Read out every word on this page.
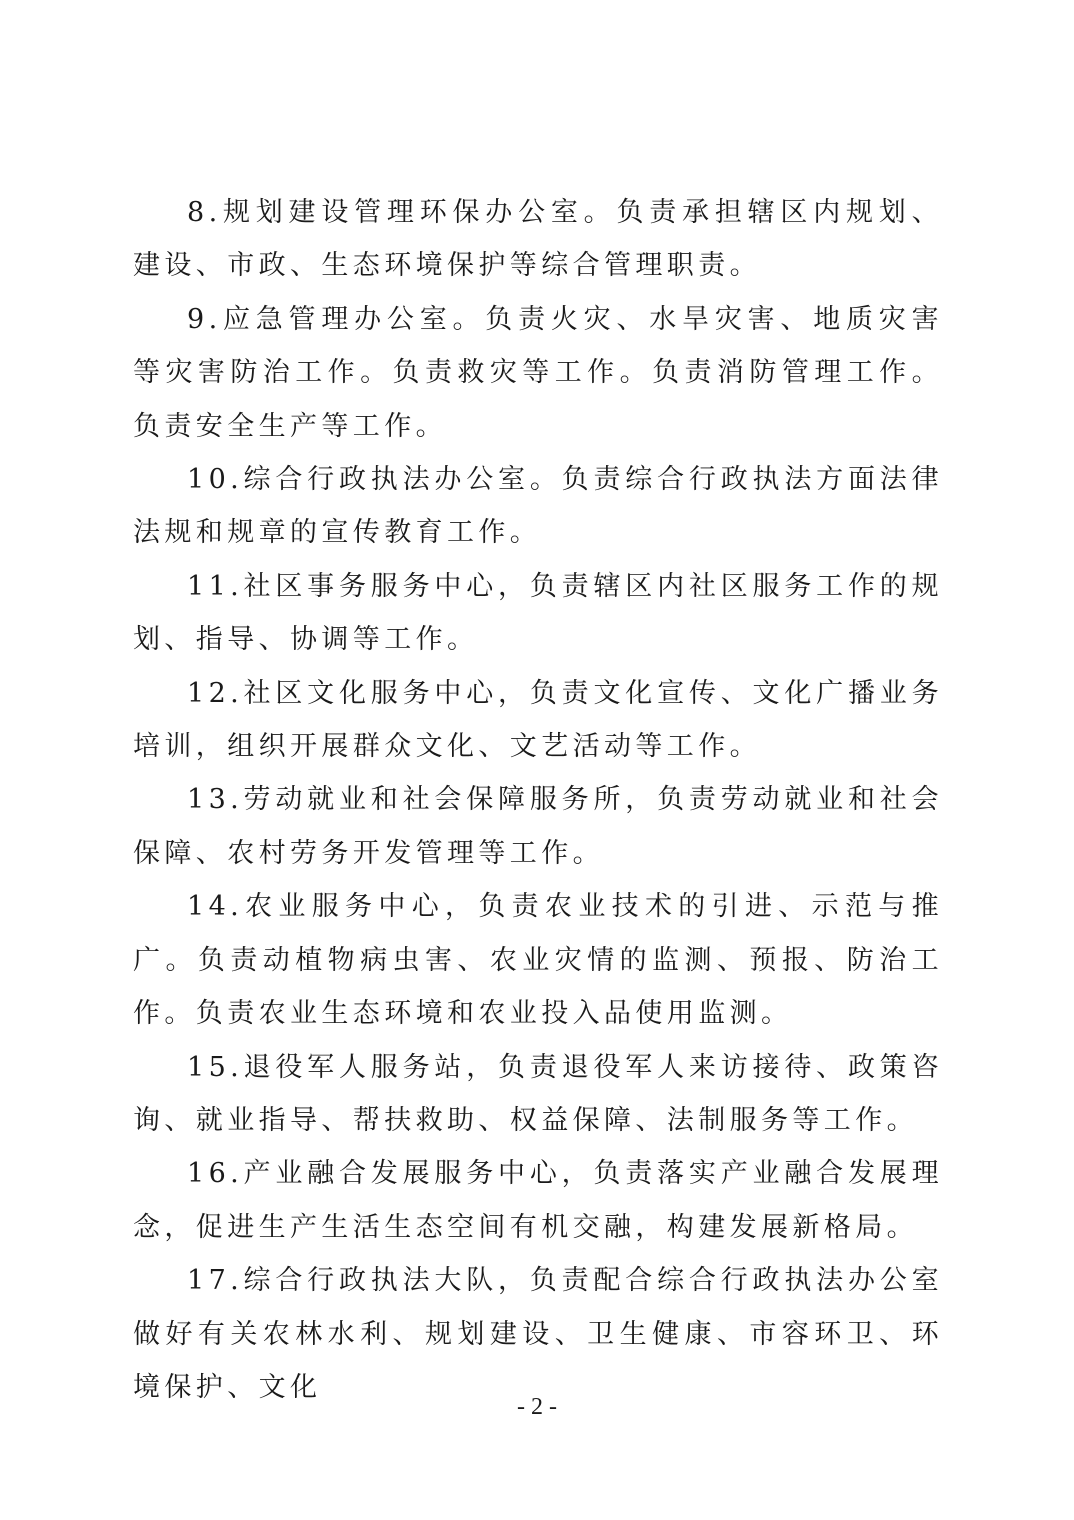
8.规划建设管理环保办公室。负责承担辖区内规划、建设、市政、生态环境保护等综合管理职责。

9.应急管理办公室。负责火灾、水旱灾害、地质灾害等灾害防治工作。负责救灾等工作。负责消防管理工作。负责安全生产等工作。

10.综合行政执法办公室。负责综合行政执法方面法律法规和规章的宣传教育工作。

11.社区事务服务中心，负责辖区内社区服务工作的规划、指导、协调等工作。

12.社区文化服务中心，负责文化宣传、文化广播业务培训，组织开展群众文化、文艺活动等工作。

13.劳动就业和社会保障服务所，负责劳动就业和社会保障、农村劳务开发管理等工作。

14.农业服务中心，负责农业技术的引进、示范与推广。负责动植物病虫害、农业灾情的监测、预报、防治工作。负责农业生态环境和农业投入品使用监测。

15.退役军人服务站，负责退役军人来访接待、政策咨询、就业指导、帮扶救助、权益保障、法制服务等工作。

16.产业融合发展服务中心，负责落实产业融合发展理念，促进生产生活生态空间有机交融，构建发展新格局。

17.综合行政执法大队，负责配合综合行政执法办公室做好有关农林水利、规划建设、卫生健康、市容环卫、环境保护、文化

- 2 -
